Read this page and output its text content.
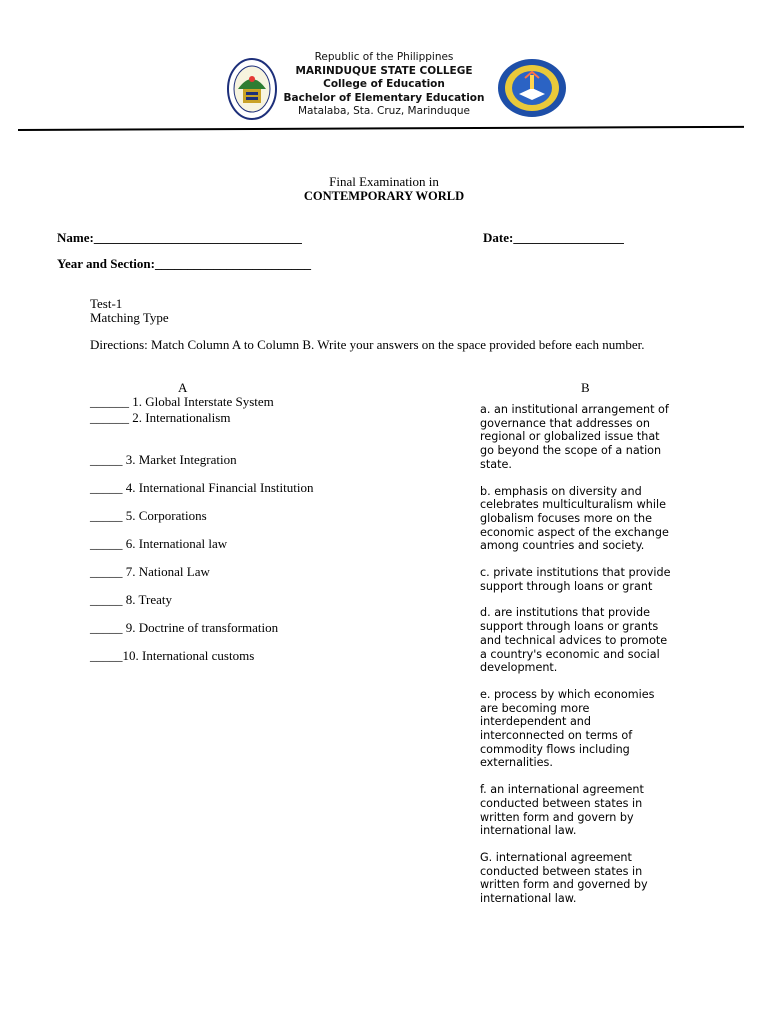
Republic of the Philippines
MARINDUQUE STATE COLLEGE
College of Education
Bachelor of Elementary Education
Matalaba, Sta. Cruz, Marinduque
Final Examination in
CONTEMPORARY WORLD
Name:________________________________	Date:_________________
Year and Section:________________________
Test-1
Matching Type
Directions: Match Column A to Column B. Write your answers on the space provided before each number.
A	B
______ 1. Global Interstate System
______ 2. Internationalism
_____ 3. Market Integration
_____ 4. International Financial Institution
_____ 5. Corporations
_____ 6. International law
_____ 7. National Law
_____ 8. Treaty
_____ 9. Doctrine of transformation
_____10. International customs

a. an institutional arrangement of governance that addresses on regional or globalized issue that go beyond the scope of a nation state.

b. emphasis on diversity and celebrates multiculturalism while globalism focuses more on the economic aspect of the exchange among countries and society.

c. private institutions that provide support through loans or grant

d. are institutions that provide support through loans or grants and technical advices to promote a country's economic and social development.

e. process by which economies are becoming more interdependent and interconnected on terms of commodity flows including externalities.

f. an international agreement conducted between states in written form and govern by international law.

G. international agreement conducted between states in written form and governed by international law.
